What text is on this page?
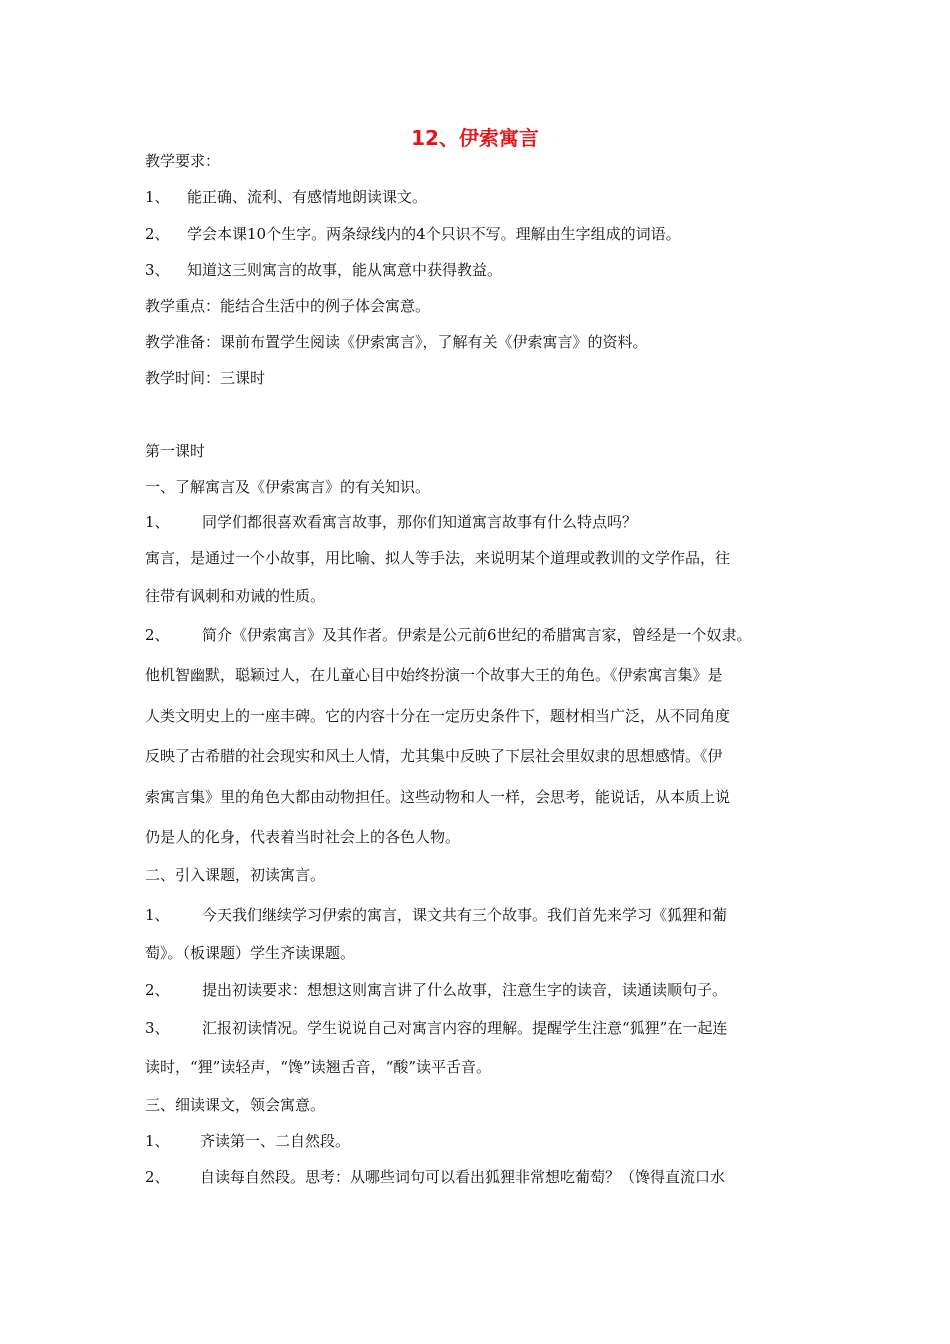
12、伊索寓言
教学要求：
1、 能正确、流利、有感情地朗读课文。
2、 学会本课10个生字。两条绿线内的4个只识不写。理解由生字组成的词语。
3、 知道这三则寓言的故事，能从寓意中获得教益。
教学重点：能结合生活中的例子体会寓意。
教学准备：课前布置学生阅读《伊索寓言》，了解有关《伊索寓言》的资料。
教学时间：三课时
第一课时
一、了解寓言及《伊索寓言》的有关知识。
1、 同学们都很喜欢看寓言故事，那你们知道寓言故事有什么特点吗？
寓言，是通过一个小故事，用比喻、拟人等手法，来说明某个道理或教训的文学作品，往
往带有讽刺和劝诫的性质。
2、 简介《伊索寓言》及其作者。伊索是公元前6世纪的希腊寓言家，曾经是一个奴隶。
他机智幽默，聪颖过人，在儿童心目中始终扮演一个故事大王的角色。《伊索寓言集》是
人类文明史上的一座丰碑。它的内容十分在一定历史条件下，题材相当广泛，从不同角度
反映了古希腊的社会现实和风土人情，尤其集中反映了下层社会里奴隶的思想感情。《伊
索寓言集》里的角色大都由动物担任。这些动物和人一样，会思考，能说话，从本质上说
仍是人的化身，代表着当时社会上的各色人物。
二、引入课题，初读寓言。
1、 今天我们继续学习伊索的寓言，课文共有三个故事。我们首先来学习《狐狸和葡
萄》。（板课题）学生齐读课题。
2、 提出初读要求：想想这则寓言讲了什么故事，注意生字的读音，读通读顺句子。
3、 汇报初读情况。学生说说自己对寓言内容的理解。提醒学生注意“狐狸”在一起连
读时，“狸”读轻声，“馋”读翘舌音，“酸”读平舌音。
三、细读课文，领会寓意。
1、 齐读第一、二自然段。
2、 自读每自然段。思考：从哪些词句可以看出狐狸非常想吃葡萄？（馋得直流口水
